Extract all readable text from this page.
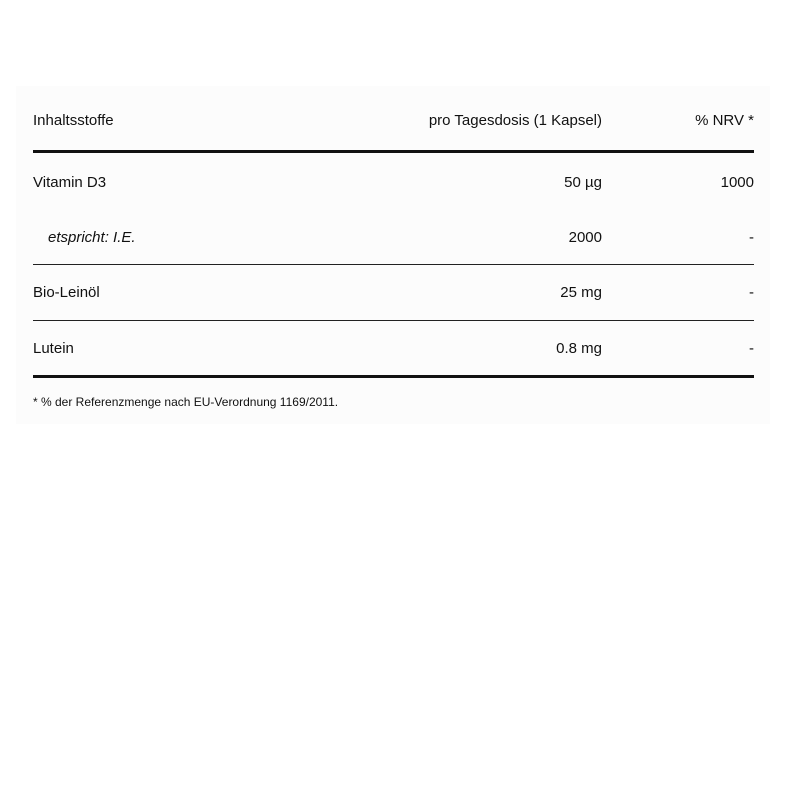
Inhaltsstoffe	pro Tagesdosis (1 Kapsel)	% NRV *
Vitamin D3	50 µg	1000
etspricht: I.E.	2000	-
Bio-Leinöl	25 mg	-
Lutein	0.8 mg	-
* % der Referenzmenge nach EU-Verordnung 1169/2011.
